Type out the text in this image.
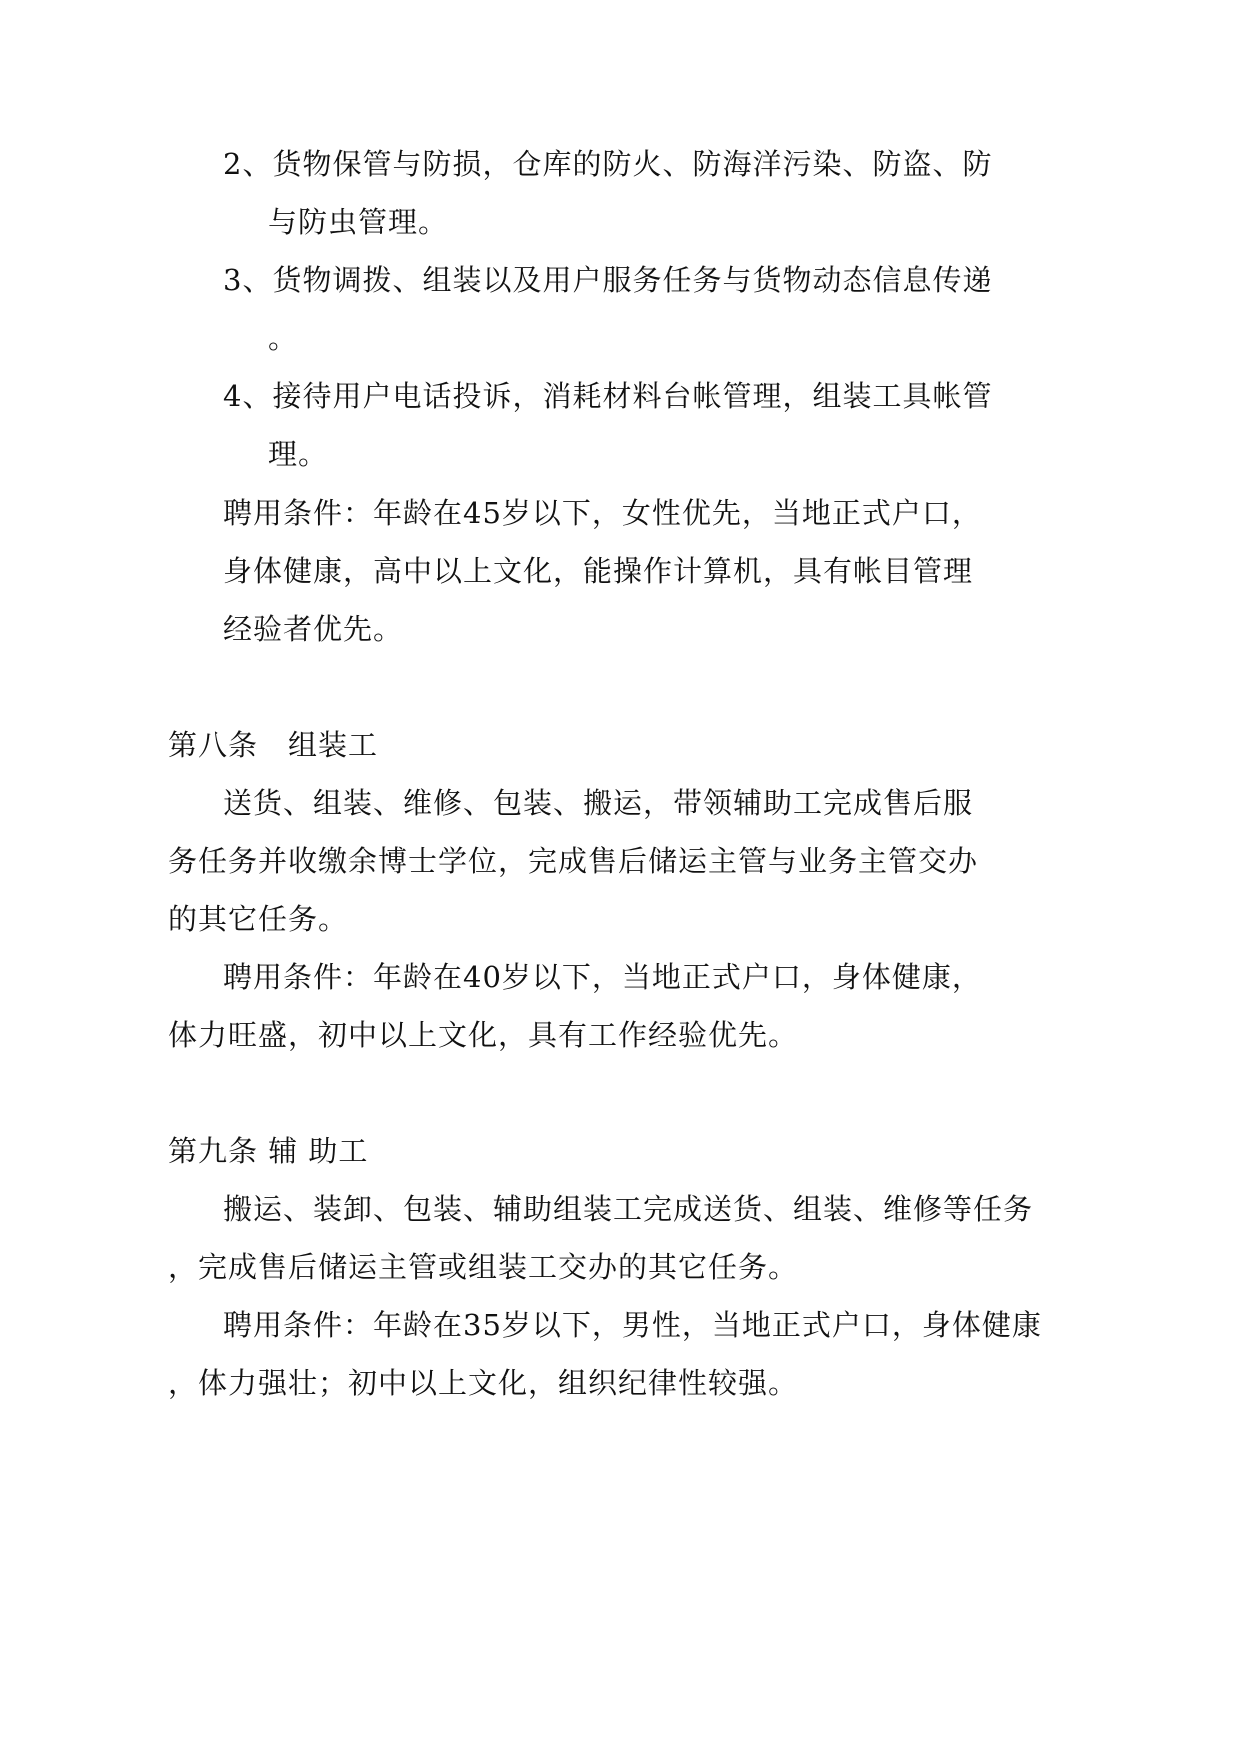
2、货物保管与防损，仓库的防火、防海洋污染、防盗、防
与防虫管理。
3、货物调拨、组装以及用户服务任务与货物动态信息传递
。
4、接待用户电话投诉，消耗材料台帐管理，组装工具帐管
理。
聘用条件：年龄在45岁以下，女性优先，当地正式户口，
身体健康，高中以上文化，能操作计算机，具有帐目管理
经验者优先。
第八条　组装工
送货、组装、维修、包装、搬运，带领辅助工完成售后服
务任务并收缴余博士学位，完成售后储运主管与业务主管交办
的其它任务。
聘用条件：年龄在40岁以下，当地正式户口，身体健康，
体力旺盛，初中以上文化，具有工作经验优先。
第九条 辅 助工
搬运、装卸、包装、辅助组装工完成送货、组装、维修等任务
，完成售后储运主管或组装工交办的其它任务。
聘用条件：年龄在35岁以下，男性，当地正式户口，身体健康
，体力强壮；初中以上文化，组织纪律性较强。
